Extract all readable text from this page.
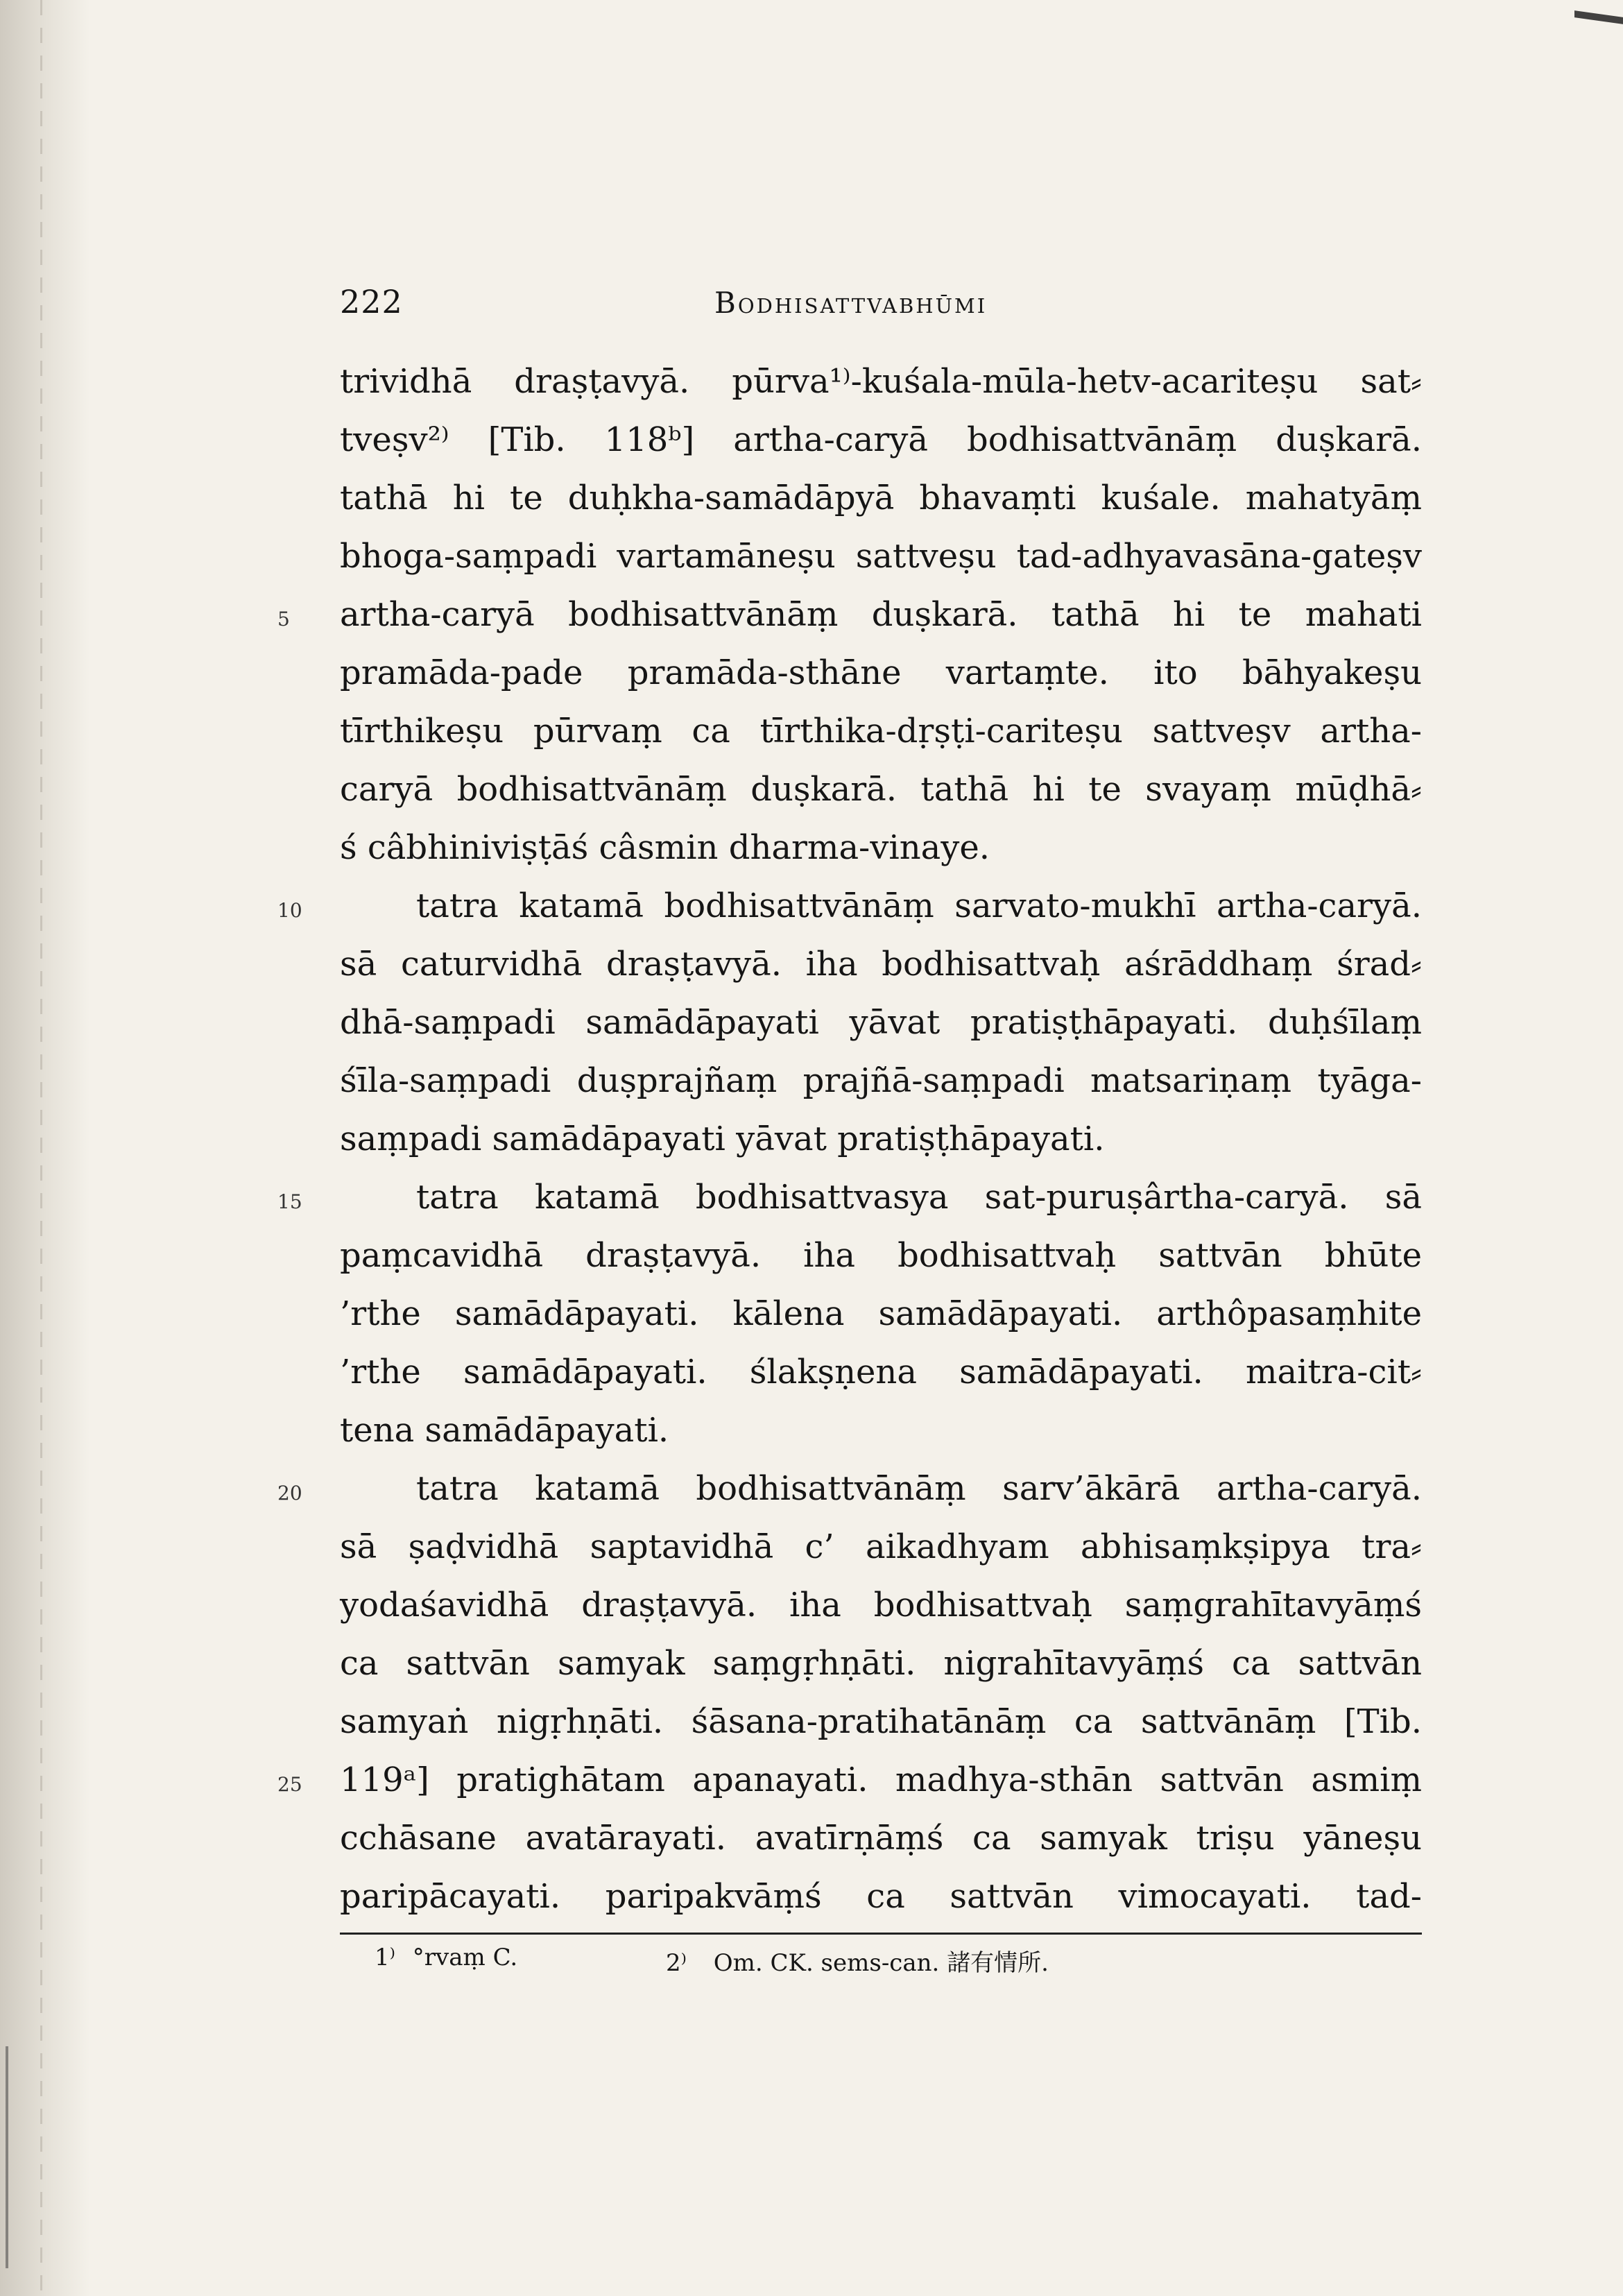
222	Bodhisattvabhūmi
5
10
15
20
25
trividhā draṣṭavyā. pūrva¹⁾-kuśala-mūla-hetv-acariteṣu sat⸗
tveṣv²⁾ [Tib. 118ᵇ] artha-caryā bodhisattvānāṃ duṣkarā.
tathā hi te duḥkha-samādāpyā bhavaṃti kuśale. mahatyāṃ
bhoga-saṃpadi vartamāneṣu sattveṣu tad-adhyavasāna-gateṣv
artha-caryā bodhisattvānāṃ duṣkarā. tathā hi te mahati
pramāda-pade pramāda-sthāne vartaṃte. ito bāhyakeṣu
tīrthikeṣu pūrvaṃ ca tīrthika-dṛṣṭi-cariteṣu sattveṣv artha-
caryā bodhisattvānāṃ duṣkarā. tathā hi te svayaṃ mūḍhā⸗
ś câbhiniviṣṭāś câsmin dharma-vinaye.
tatra katamā bodhisattvānāṃ sarvato-mukhī artha-caryā.
sā caturvidhā draṣṭavyā. iha bodhisattvaḥ aśrāddhaṃ śrad⸗
dhā-saṃpadi samādāpayati yāvat pratiṣṭhāpayati. duḥśīlaṃ
śīla-saṃpadi duṣprajñaṃ prajñā-saṃpadi matsariṇaṃ tyāga-
saṃpadi samādāpayati yāvat pratiṣṭhāpayati.
tatra katamā bodhisattvasya sat-puruṣârtha-caryā. sā
paṃcavidhā draṣṭavyā. iha bodhisattvaḥ sattvān bhūte
’rthe samādāpayati. kālena samādāpayati. arthôpasaṃhite
’rthe samādāpayati. ślakṣṇena samādāpayati. maitra-cit⸗
tena samādāpayati.
tatra katamā bodhisattvānāṃ sarv’ākārā artha-caryā.
sā ṣaḍvidhā saptavidhā c’ aikadhyam abhisaṃkṣipya tra⸗
yodaśavidhā draṣṭavyā. iha bodhisattvaḥ saṃgrahītavyāṃś
ca sattvān samyak saṃgṛhṇāti. nigrahītavyāṃś ca sattvān
samyaṅ nigṛhṇāti. śāsana-pratihatānāṃ ca sattvānāṃ [Tib.
119ᵃ] pratighātam apanayati. madhya-sthān sattvān asmiṃ
cchāsane avatārayati. avatīrṇāṃś ca samyak triṣu yāneṣu
paripācayati. paripakvāṃś ca sattvān vimocayati. tad-
1⁾ °rvaṃ C.	2⁾ Om. CK. sems-can. 諸有情所.
